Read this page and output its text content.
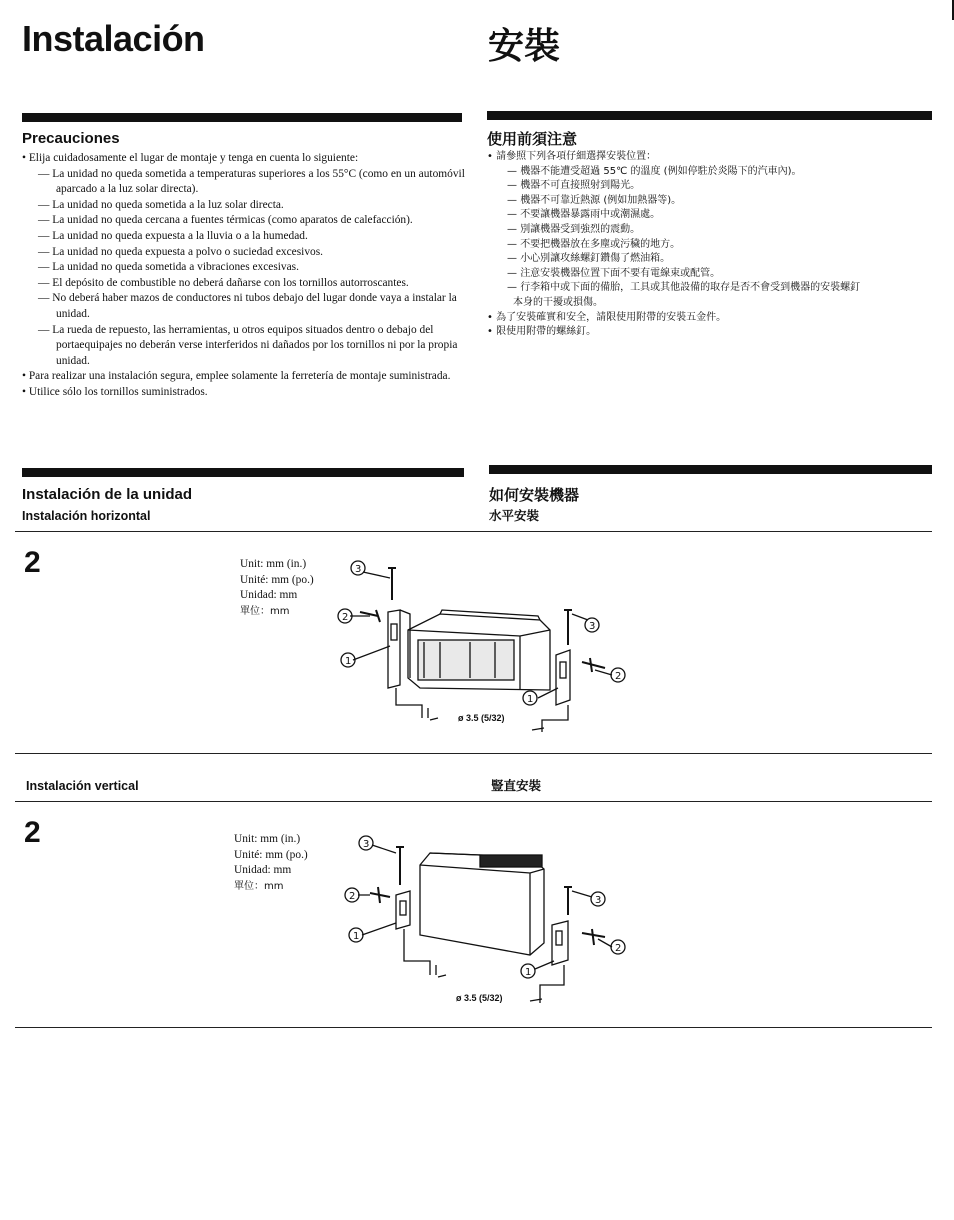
Instalación	安裝
Precauciones	使用前須注意
• Elija cuidadosamente el lugar de montaje y tenga en cuenta lo siguiente:
— La unidad no queda sometida a temperaturas superiores a los 55°C (como en un automóvil aparcado a la luz solar directa).
— La unidad no queda sometida a la luz solar directa.
— La unidad no queda cercana a fuentes térmicas (como aparatos de calefacción).
— La unidad no queda expuesta a la lluvia o a la humedad.
— La unidad no queda expuesta a polvo o suciedad excesivos.
— La unidad no queda sometida a vibraciones excesivas.
— El depósito de combustible no deberá dañarse con los tornillos autorroscantes.
— No deberá haber mazos de conductores ni tubos debajo del lugar donde vaya a instalar la unidad.
— La rueda de repuesto, las herramientas, u otros equipos situados dentro o debajo del portaequipajes no deberán verse interferidos ni dañados por los tornillos ni por la propia unidad.
• Para realizar una instalación segura, emplee solamente la ferretería de montaje suministrada.
• Utilice sólo los tornillos suministrados.
• 請參照下列各項仔細選擇安裝位置：
— 機器不能遭受超過 55℃ 的溫度 (例如停駐於炎陽下的汽車內)。
— 機器不可直接照射到陽光。
— 機器不可靠近熱源 (例如加熱器等)。
— 不要讓機器暴露雨中或潮濕處。
— 別讓機器受到強烈的震動。
— 不要把機器放在多塵或污穢的地方。
— 小心別讓攻絲螺釘鑽傷了燃油箱。
— 注意安裝機器位置下面不要有電線束或配管。
— 行李箱中或下面的備胎，工具或其他設備的取存是否不會受到機器的安裝螺釘
本身的干擾或損傷。
• 為了安裝確實和安全，請限使用附帶的安裝五金件。
• 限使用附帶的螺絲釘。
Instalación de la unidad
Instalación horizontal
如何安裝機器
水平安裝
2	Unit: mm (in.)
Unité: mm (po.)
Unidad: mm
單位：mm
3
2
1
3
2
1
ø 3.5 (5/32)
Instalación vertical	豎直安裝
2	Unit: mm (in.)
Unité: mm (po.)
Unidad: mm
單位：mm
3
2
1
3
2
1
ø 3.5 (5/32)
